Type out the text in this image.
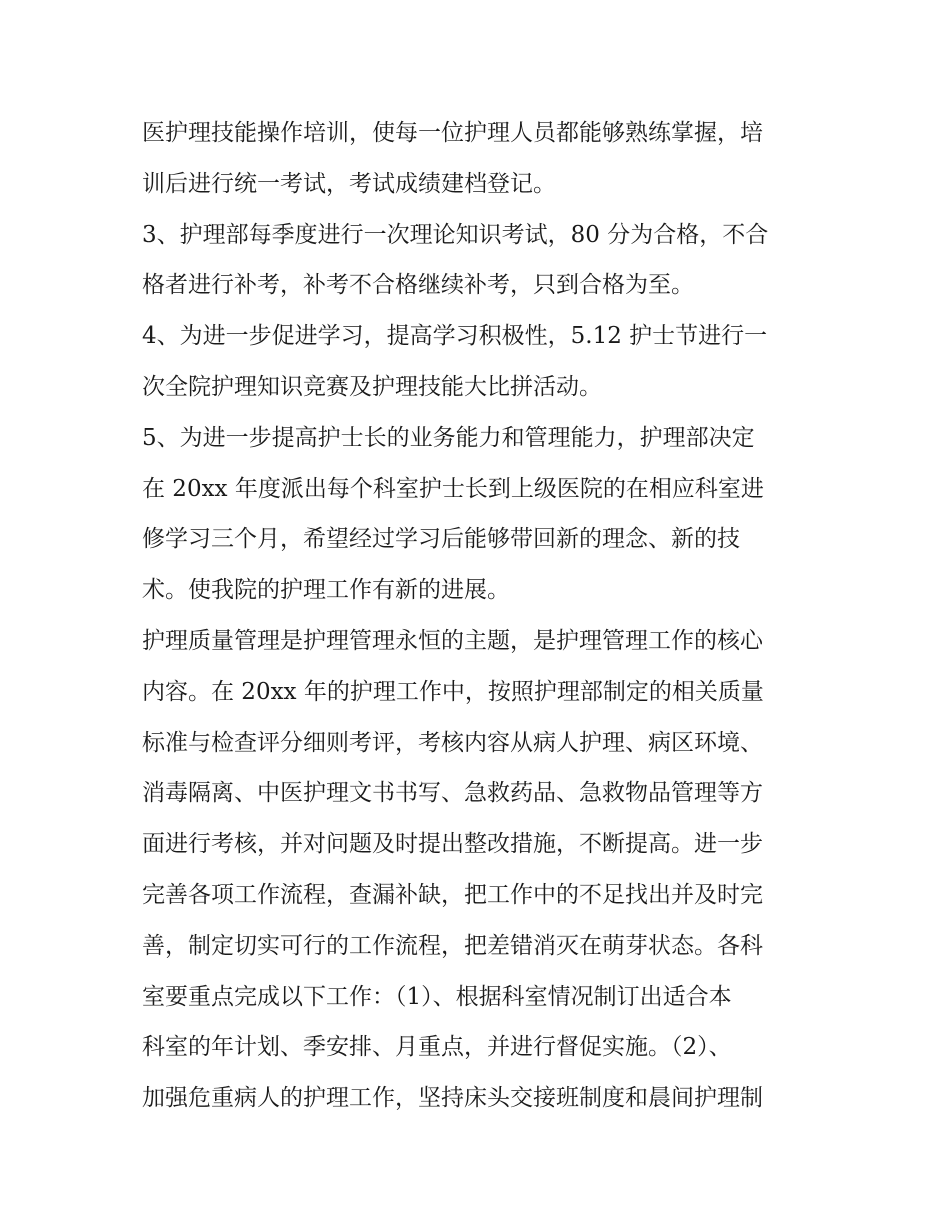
医护理技能操作培训，使每一位护理人员都能够熟练掌握，培
训后进行统一考试，考试成绩建档登记。
3、护理部每季度进行一次理论知识考试，80 分为合格，不合
格者进行补考，补考不合格继续补考，只到合格为至。
4、为进一步促进学习，提高学习积极性，5.12 护士节进行一
次全院护理知识竞赛及护理技能大比拼活动。
5、为进一步提高护士长的业务能力和管理能力，护理部决定
在 20xx 年度派出每个科室护士长到上级医院的在相应科室进
修学习三个月，希望经过学习后能够带回新的理念、新的技
术。使我院的护理工作有新的进展。
护理质量管理是护理管理永恒的主题，是护理管理工作的核心
内容。在 20xx 年的护理工作中，按照护理部制定的相关质量
标准与检查评分细则考评，考核内容从病人护理、病区环境、
消毒隔离、中医护理文书书写、急救药品、急救物品管理等方
面进行考核，并对问题及时提出整改措施，不断提高。进一步
完善各项工作流程，查漏补缺，把工作中的不足找出并及时完
善，制定切实可行的工作流程，把差错消灭在萌芽状态。各科
室要重点完成以下工作：（1）、根据科室情况制订出适合本
科室的年计划、季安排、月重点，并进行督促实施。（2）、
加强危重病人的护理工作，坚持床头交接班制度和晨间护理制
